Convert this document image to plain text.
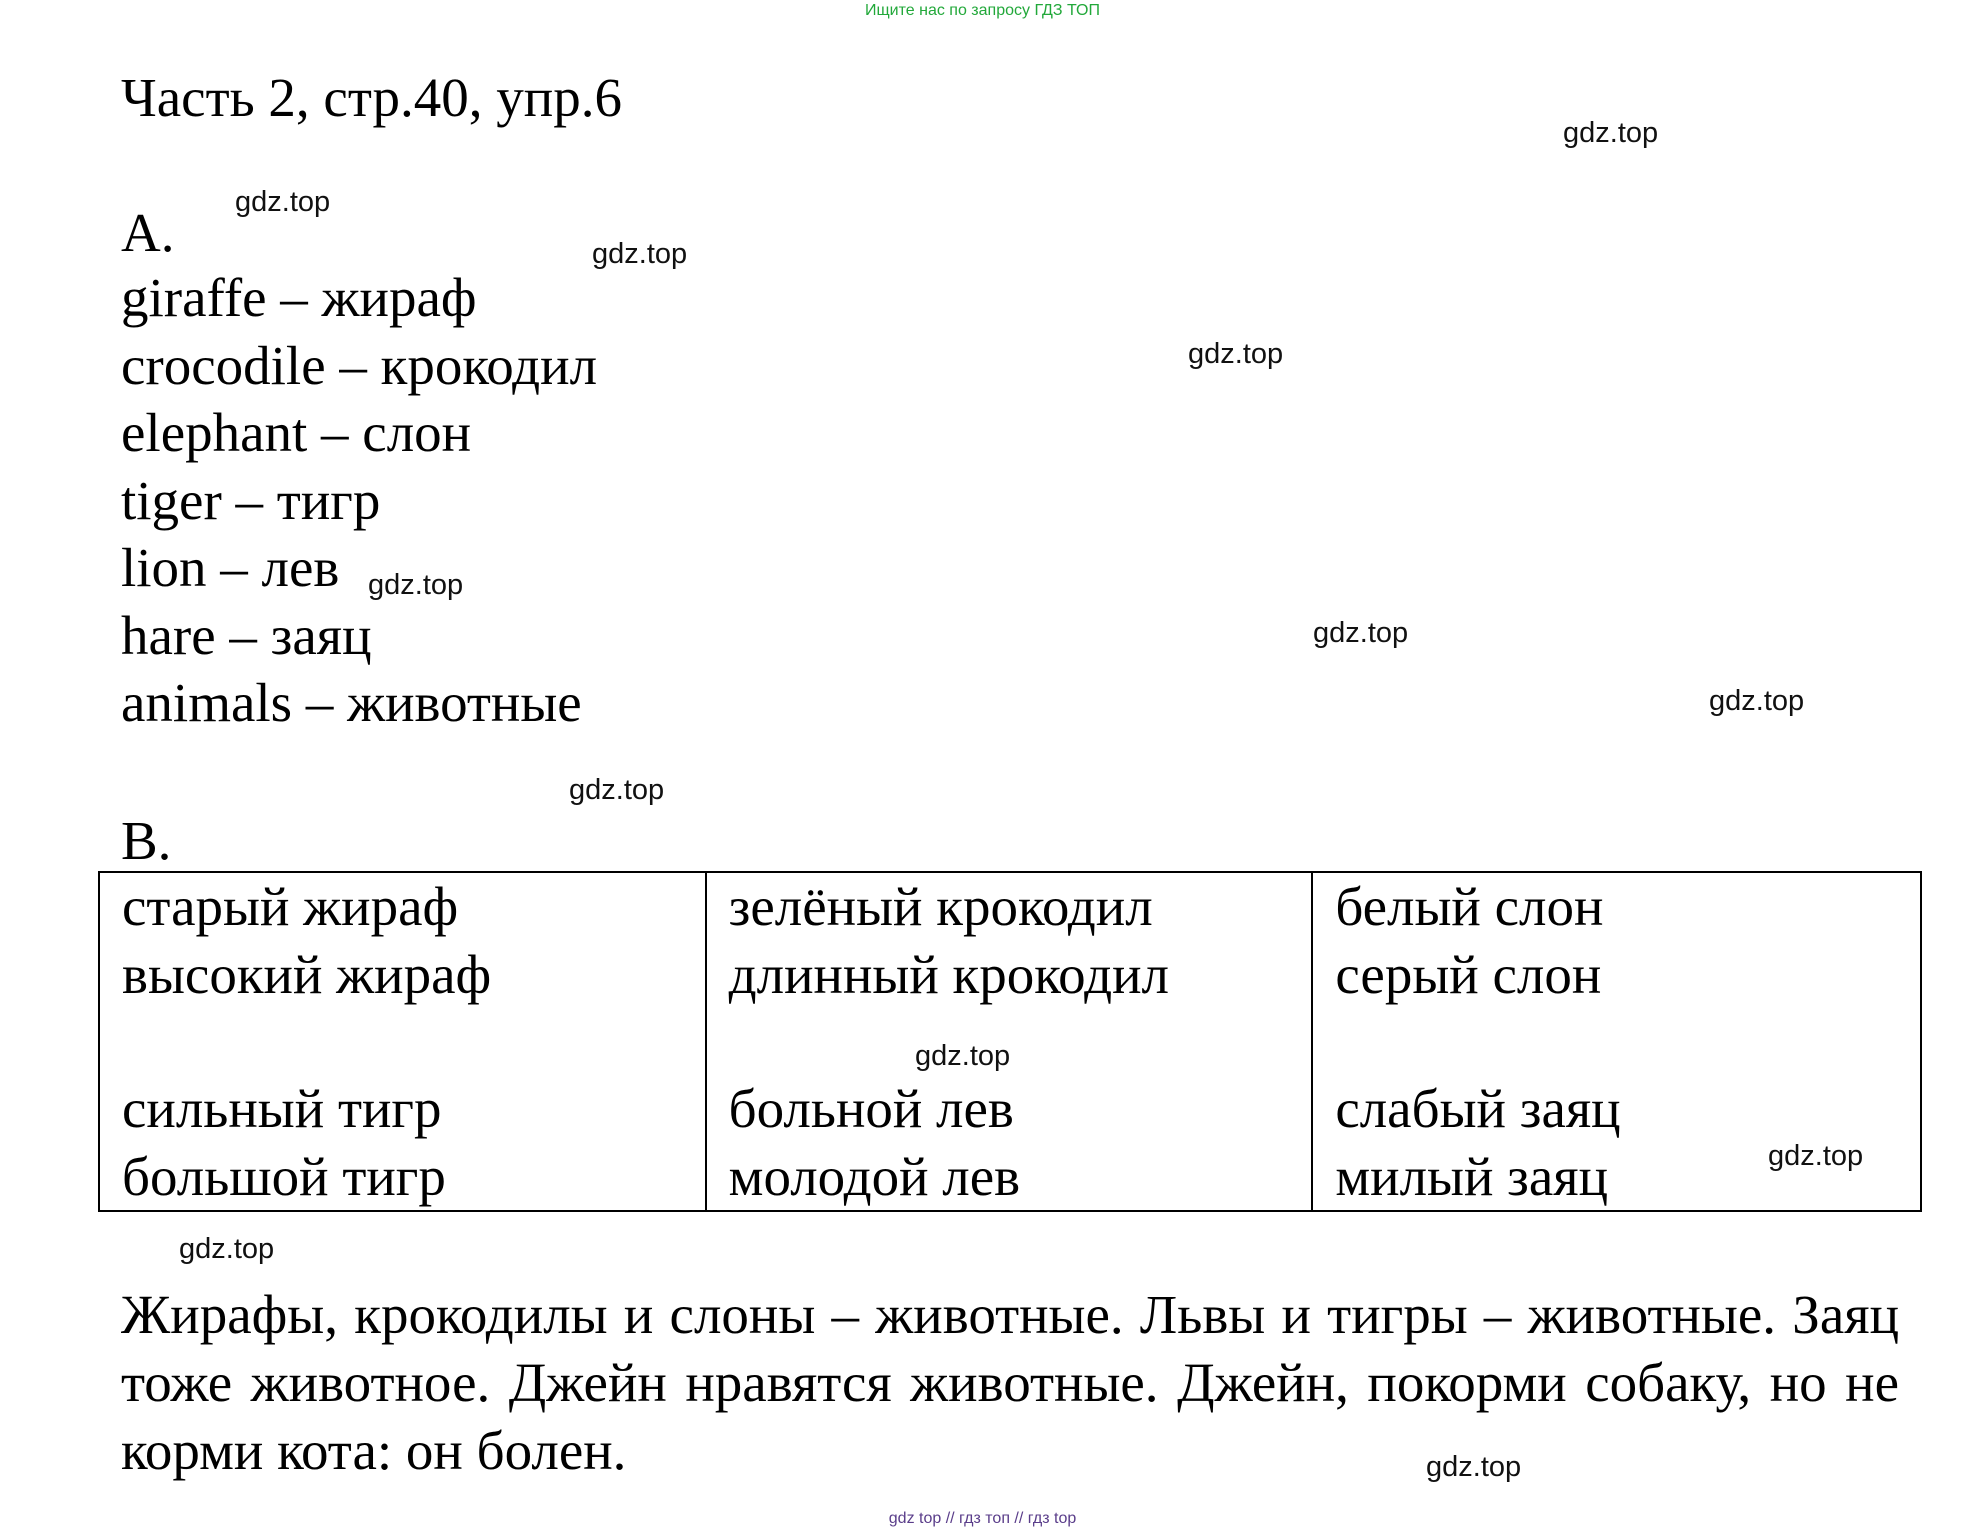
Ищите нас по запросу ГДЗ ТОП
Часть 2, стр.40, упр.6
A.
giraffe – жираф
crocodile – крокодил
elephant – слон
tiger – тигр
lion – лев
hare – заяц
animals – животные
B.
старый жираф
высокий жираф
сильный тигр
большой тигр
зелёный крокодил
длинный крокодил
больной лев
молодой лев
белый слон
серый слон
слабый заяц
милый заяц

Жирафы, крокодилы и слоны – животные. Львы и тигры – животные. Заяц тоже животное. Джейн нравятся животные. Джейн, покорми собаку, но не корми кота: он болен.

gdz.top
gdz.top
gdz.top
gdz.top
gdz.top
gdz.top
gdz.top
gdz.top
gdz.top
gdz.top
gdz.top
gdz.top
gdz top // гдз топ // гдз top
